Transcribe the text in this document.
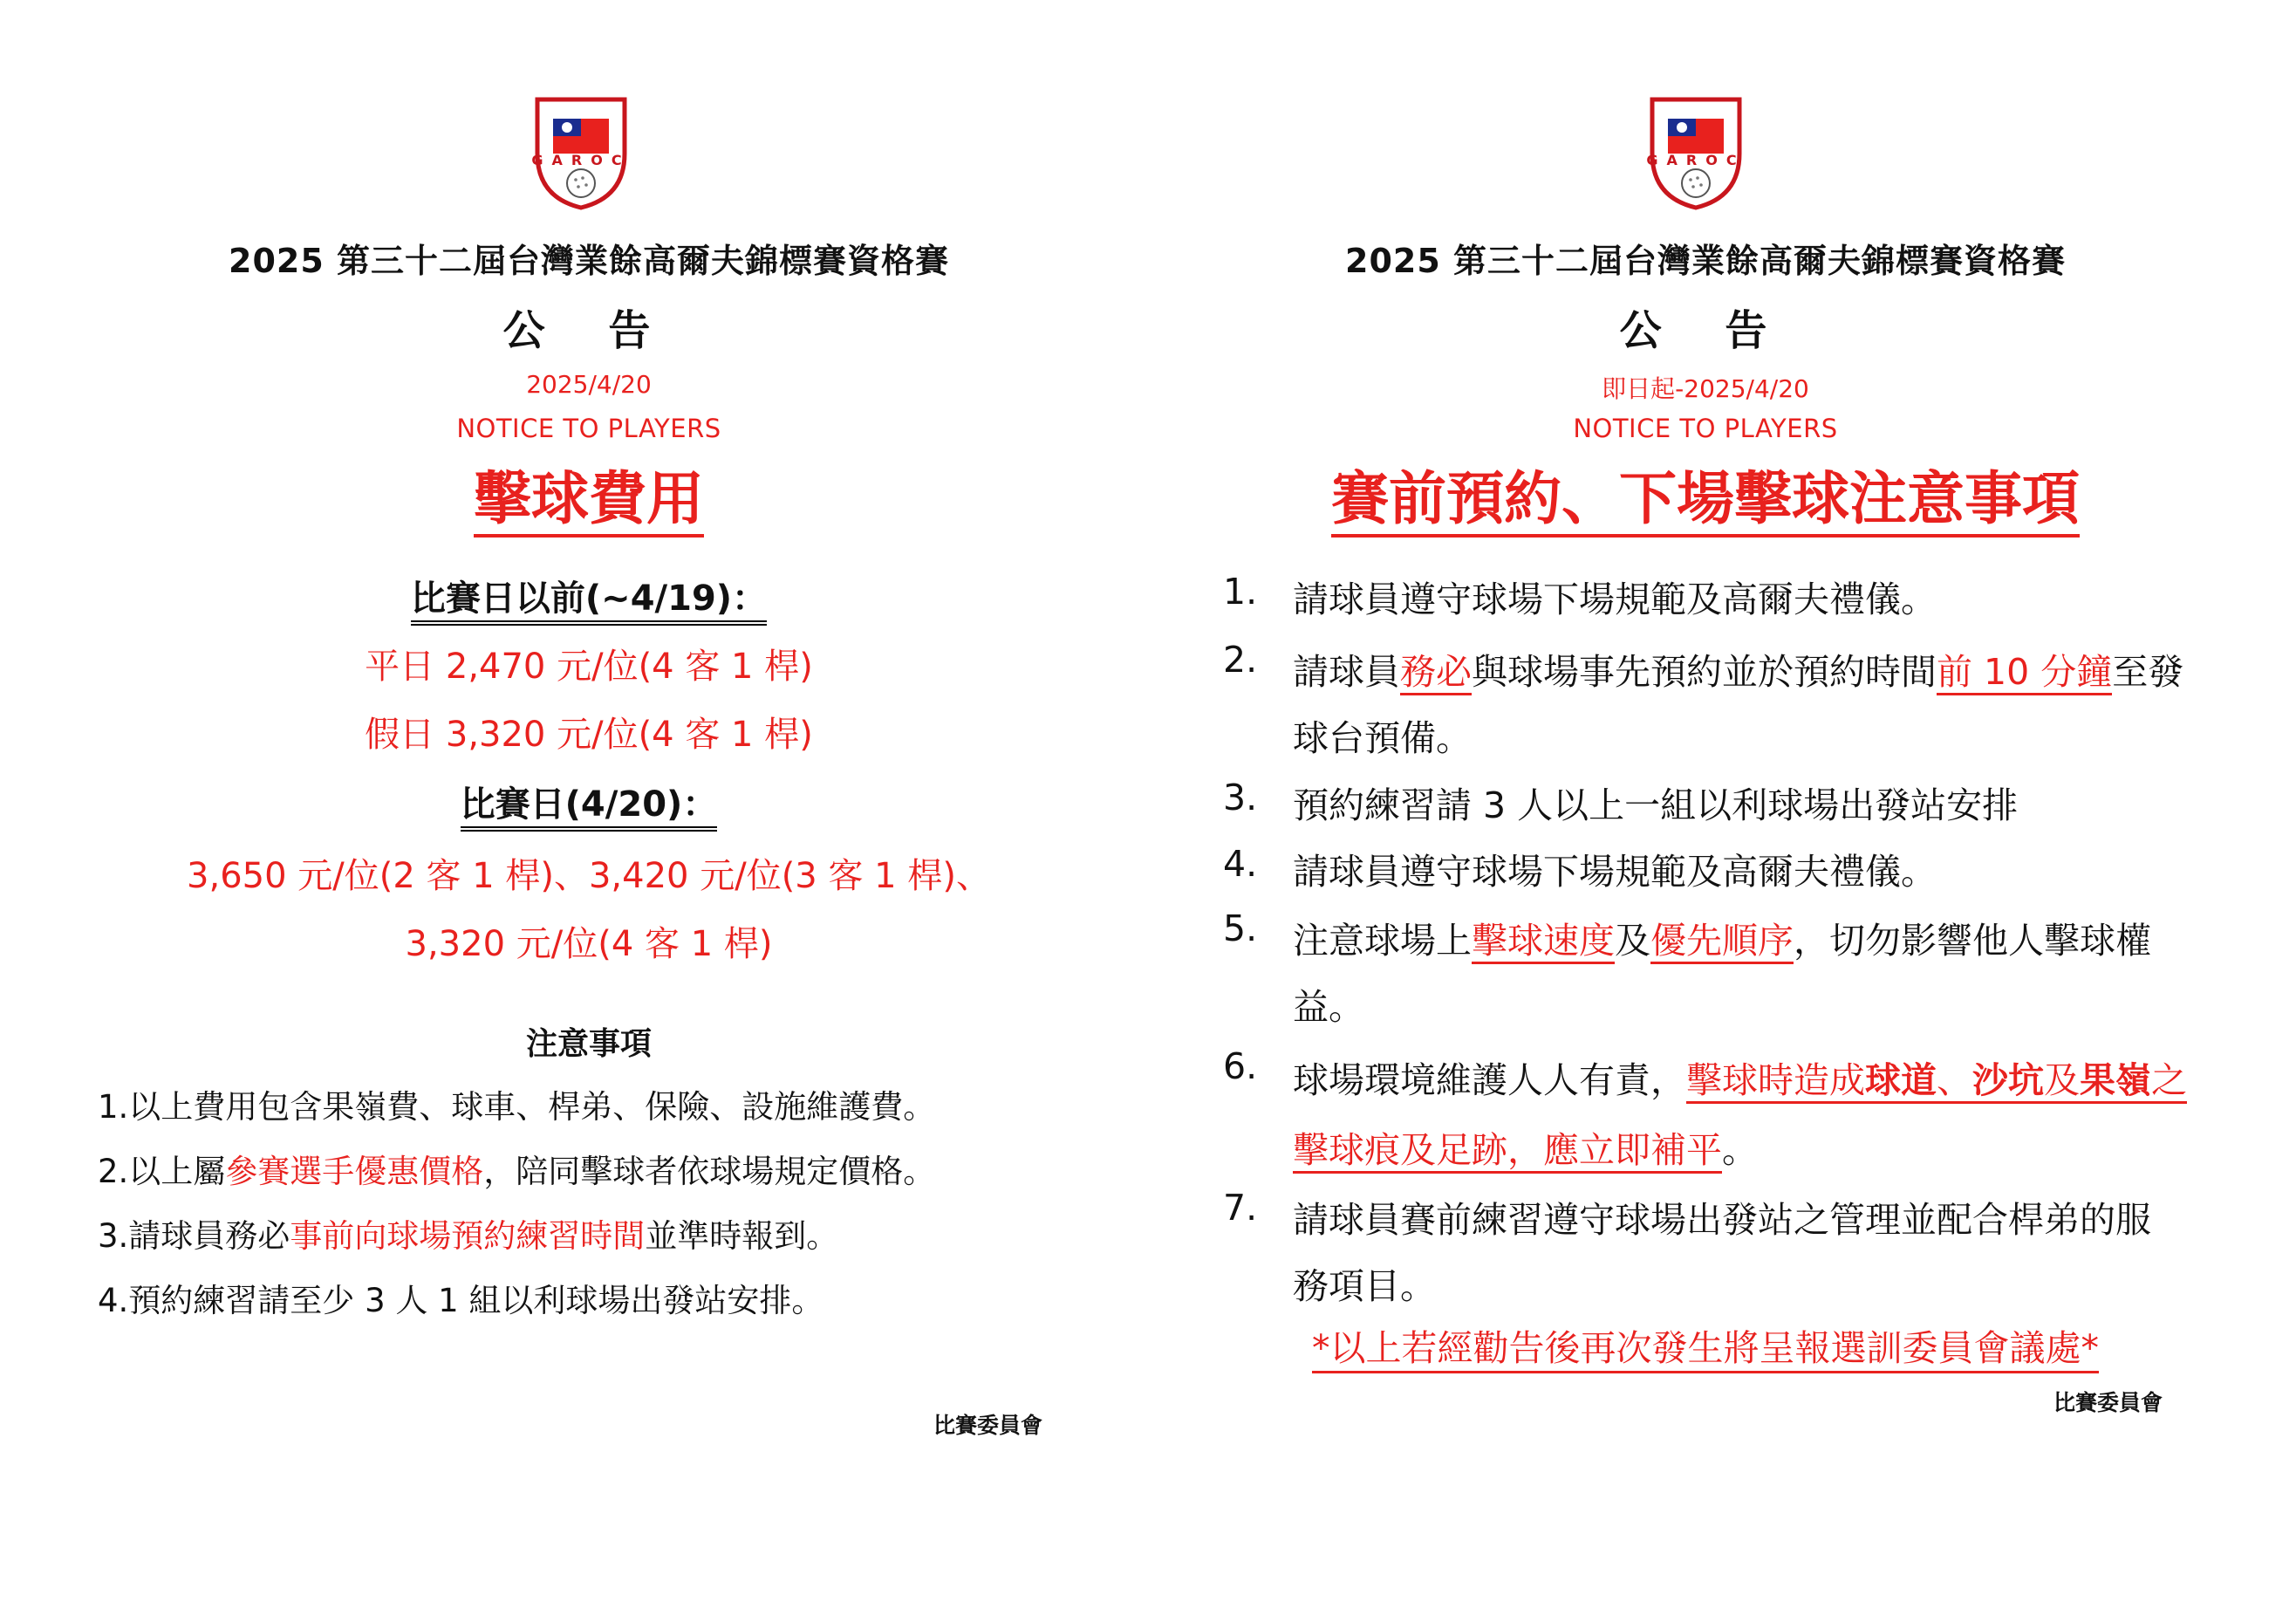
GAROC
2025 第三十二屆台灣業餘高爾夫錦標賽資格賽
公 告
2025/4/20
NOTICE TO PLAYERS
擊球費用
比賽日以前(~4/19)：
平日 2,470 元/位(4 客 1 桿)
假日 3,320 元/位(4 客 1 桿)
比賽日(4/20)：
3,650 元/位(2 客 1 桿)、3,420 元/位(3 客 1 桿)、
3,320 元/位(4 客 1 桿)
注意事項
1.以上費用包含果嶺費、球車、桿弟、保險、設施維護費。
2.以上屬參賽選手優惠價格，陪同擊球者依球場規定價格。
3.請球員務必事前向球場預約練習時間並準時報到。
4.預約練習請至少 3 人 1 組以利球場出發站安排。
比賽委員會
GAROC
2025 第三十二屆台灣業餘高爾夫錦標賽資格賽
公 告
即日起-2025/4/20
NOTICE TO PLAYERS
賽前預約、下場擊球注意事項
1. 請球員遵守球場下場規範及高爾夫禮儀。
2. 請球員務必與球場事先預約並於預約時間前 10 分鐘至發球台預備。
3. 預約練習請 3 人以上一組以利球場出發站安排
4. 請球員遵守球場下場規範及高爾夫禮儀。
5. 注意球場上擊球速度及優先順序，切勿影響他人擊球權益。
6. 球場環境維護人人有責，擊球時造成球道、沙坑及果嶺之擊球痕及足跡，應立即補平。
7. 請球員賽前練習遵守球場出發站之管理並配合桿弟的服務項目。
*以上若經勸告後再次發生將呈報選訓委員會議處*
比賽委員會
